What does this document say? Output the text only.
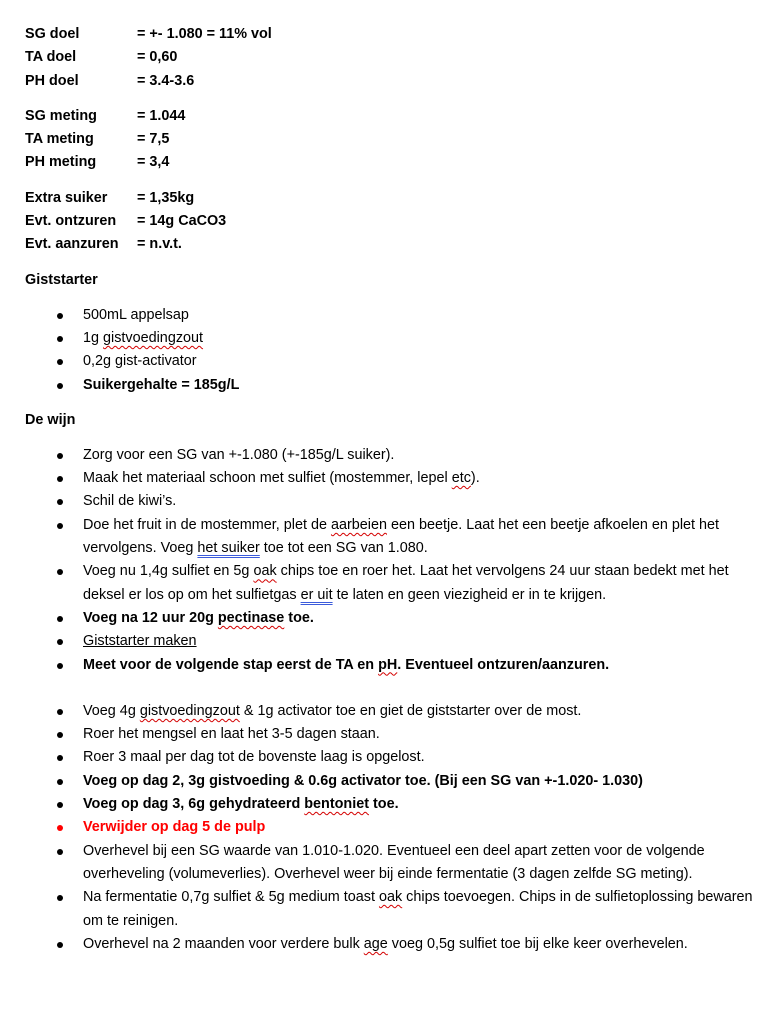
SG doel	= +- 1.080 = 11% vol
TA doel	= 0,60
PH doel	= 3.4-3.6
SG meting	= 1.044
TA meting	= 7,5
PH meting	= 3,4
Extra suiker	= 1,35kg
Evt. ontzuren	= 14g CaCO3
Evt. aanzuren	= n.v.t.
Giststarter
500mL appelsap
1g gistvoedingzout
0,2g gist-activator
Suikergehalte = 185g/L
De wijn
Zorg voor een SG van +-1.080 (+-185g/L suiker).
Maak het materiaal schoon met sulfiet (mostemmer, lepel etc).
Schil de kiwi’s.
Doe het fruit in de mostemmer, plet de aarbeien een beetje. Laat het een beetje afkoelen en plet het vervolgens. Voeg het suiker toe tot een SG van 1.080.
Voeg nu 1,4g sulfiet en 5g oak chips toe en roer het. Laat het vervolgens 24 uur staan bedekt met het deksel er los op om het sulfietgas er uit te laten en geen viezigheid er in te krijgen.
Voeg na 12 uur 20g pectinase toe.
Giststarter maken
Meet voor de volgende stap eerst de TA en pH. Eventueel ontzuren/aanzuren.
Voeg 4g gistvoedingzout & 1g activator toe en giet de giststarter over de most.
Roer het mengsel en laat het 3-5 dagen staan.
Roer 3 maal per dag tot de bovenste laag is opgelost.
Voeg op dag 2, 3g gistvoeding & 0.6g activator toe. (Bij een SG van +-1.020- 1.030)
Voeg op dag 3, 6g gehydrateerd bentoniet toe.
Verwijder op dag 5 de pulp
Overhevel bij een SG waarde van 1.010-1.020. Eventueel een deel apart zetten voor de volgende overheveling (volumeverlies). Overhevel weer bij einde fermentatie (3 dagen zelfde SG meting).
Na fermentatie 0,7g sulfiet & 5g medium toast oak chips toevoegen. Chips in de sulfietoplossing bewaren om te reinigen.
Overhevel na 2 maanden voor verdere bulk age voeg 0,5g sulfiet toe bij elke keer overhevelen.
